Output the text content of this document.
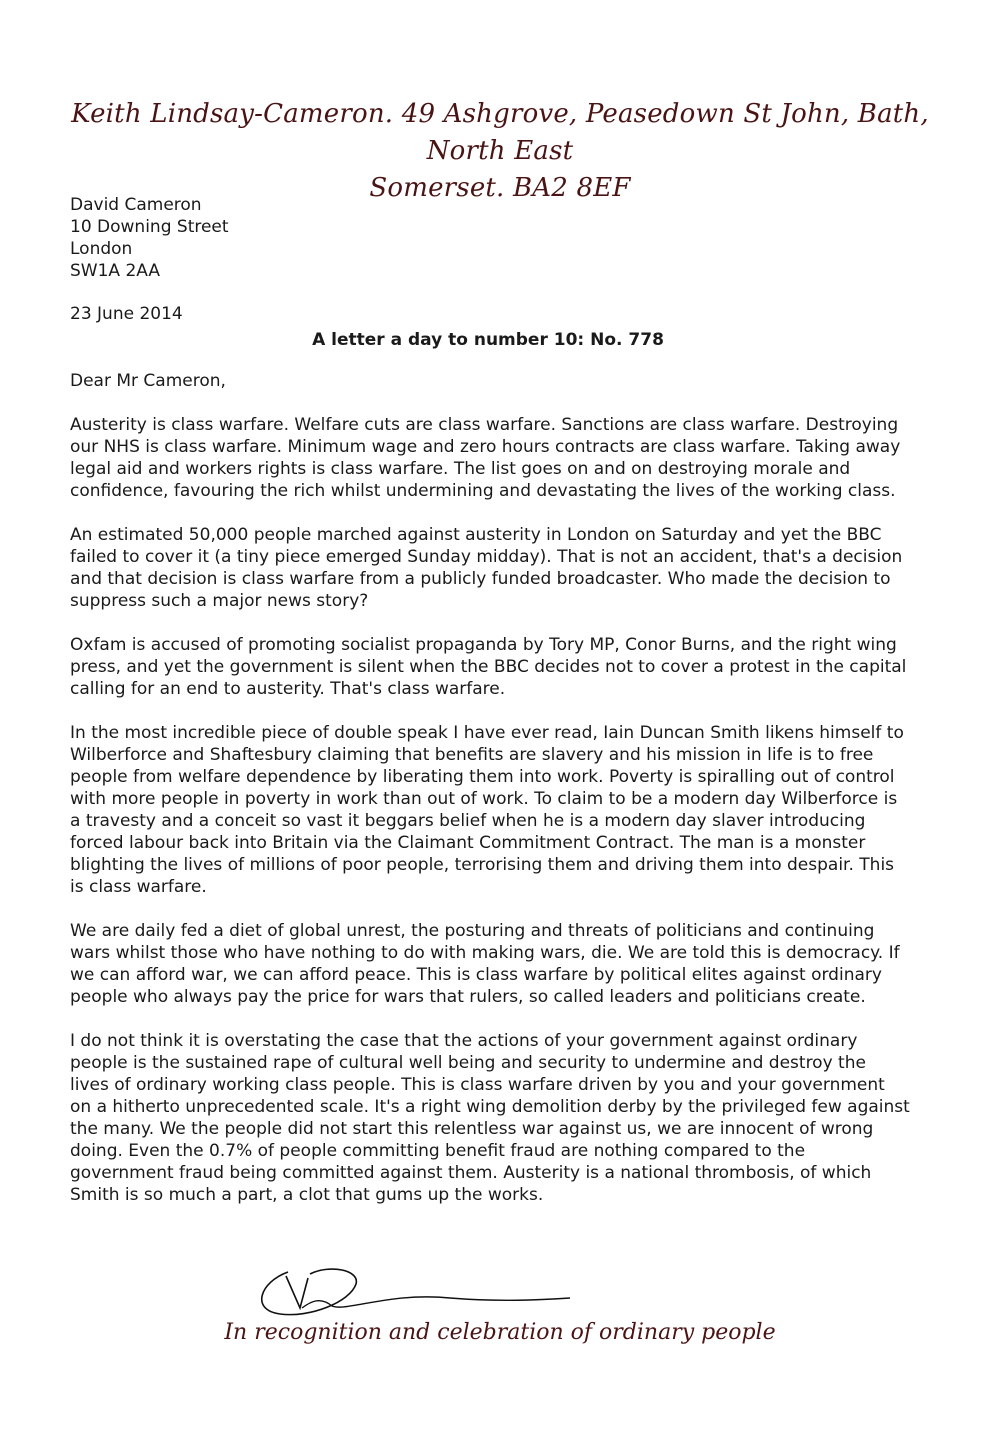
Keith Lindsay-Cameron. 49 Ashgrove, Peasedown St John, Bath, North East
Somerset. BA2 8EF
David Cameron
10 Downing Street
London
SW1A 2AA
23 June 2014
A letter a day to number 10: No. 778
Dear Mr Cameron,

Austerity is class warfare. Welfare cuts are class warfare. Sanctions are class warfare. Destroying our NHS is class warfare. Minimum wage and zero hours contracts are class warfare. Taking away legal aid and workers rights is class warfare. The list goes on and on destroying morale and confidence, favouring the rich whilst undermining and devastating the lives of the working class.

An estimated 50,000 people marched against austerity in London on Saturday and yet the BBC failed to cover it (a tiny piece emerged Sunday midday). That is not an accident, that's a decision and that decision is class warfare from a publicly funded broadcaster. Who made the decision to suppress such a major news story?

Oxfam is accused of promoting socialist propaganda by Tory MP, Conor Burns, and the right wing press, and yet the government is silent when the BBC decides not to cover a protest in the capital calling for an end to austerity. That's class warfare.

In the most incredible piece of double speak I have ever read, Iain Duncan Smith likens himself to Wilberforce and Shaftesbury claiming that benefits are slavery and his mission in life is to free people from welfare dependence by liberating them into work. Poverty is spiralling out of control with more people in poverty in work than out of work. To claim to be a modern day Wilberforce is a travesty and a conceit so vast it beggars belief when he is a modern day slaver introducing forced labour back into Britain via the Claimant Commitment Contract. The man is a monster blighting the lives of millions of poor people, terrorising them and driving them into despair. This is class warfare.

We are daily fed a diet of global unrest, the posturing and threats of politicians and continuing wars whilst those who have nothing to do with making wars, die. We are told this is democracy. If we can afford war, we can afford peace. This is class warfare by political elites against ordinary people who always pay the price for wars that rulers, so called leaders and politicians create.

I do not think it is overstating the case that the actions of your government against ordinary people is the sustained rape of cultural well being and security to undermine and destroy the lives of ordinary working class people. This is class warfare driven by you and your government on a hitherto unprecedented scale. It's a right wing demolition derby by the privileged few against the many. We the people did not start this relentless war against us, we are innocent of wrong doing. Even the 0.7% of people committing benefit fraud are nothing compared to the government fraud being committed against them. Austerity is a national thrombosis, of which Smith is so much a part, a clot that gums up the works.

In recognition and celebration of ordinary people
